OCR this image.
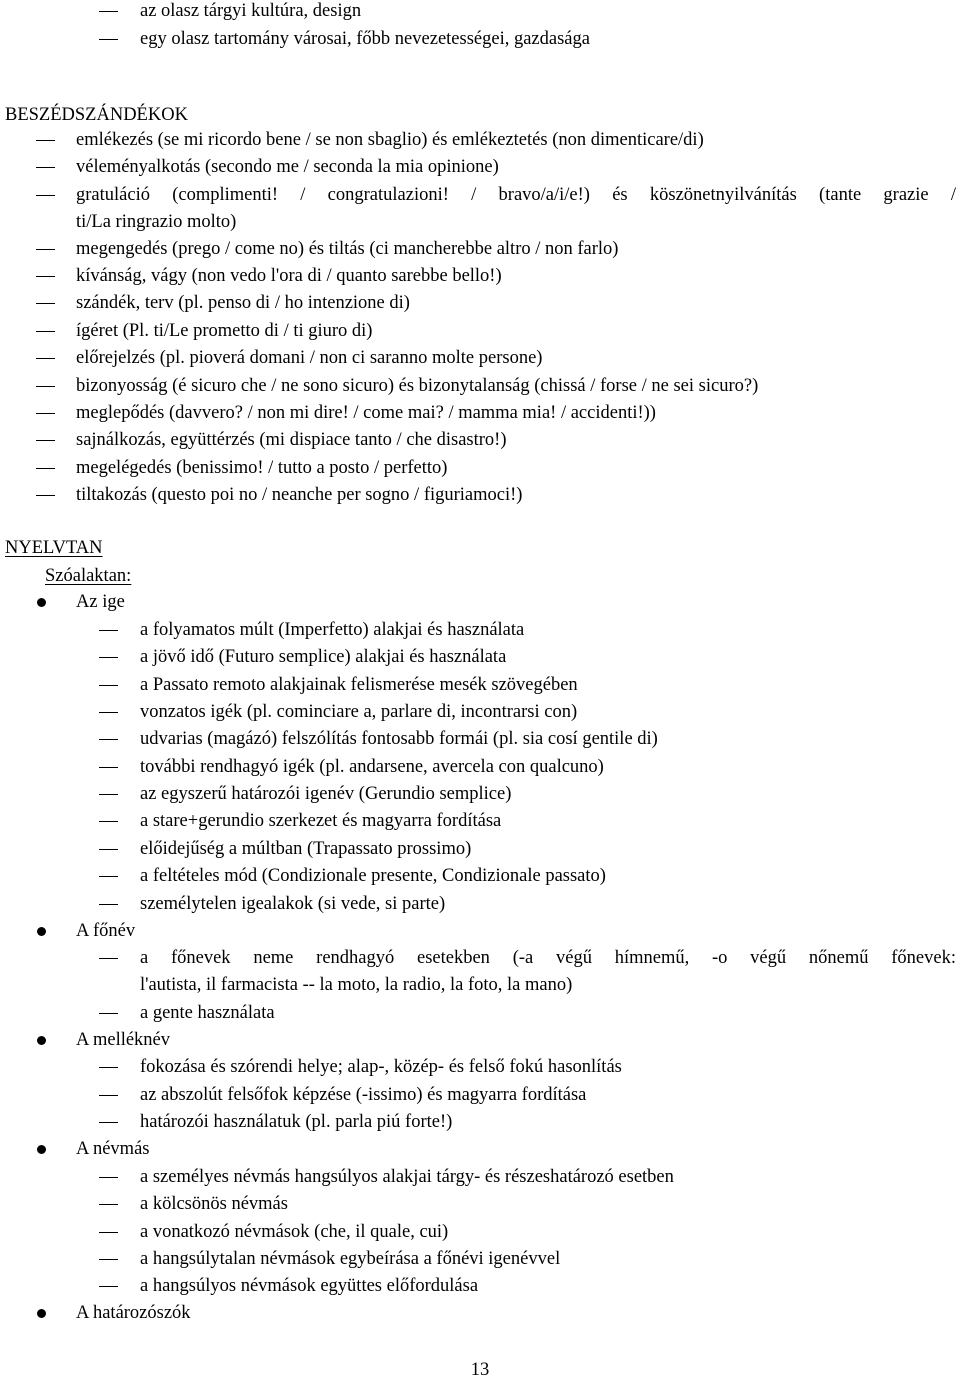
az olasz tárgyi kultúra, design
egy olasz tartomány városai, főbb nevezetességei, gazdasága
BESZÉDSZÁNDÉKOK
emlékezés (se mi ricordo bene / se non sbaglio) és emlékeztetés (non dimenticare/di)
véleményalkotás (secondo me / seconda la mia opinione)
gratuláció (complimenti! / congratulazioni! / bravo/a/i/e!) és köszönetnyilvánítás (tante grazie /
ti/La ringrazio molto)
megengedés (prego / come no) és tiltás (ci mancherebbe altro / non farlo)
kívánság, vágy (non vedo l'ora di / quanto sarebbe bello!)
szándék, terv (pl. penso di / ho intenzione di)
ígéret (Pl. ti/Le prometto di / ti giuro di)
előrejelzés (pl. pioverá domani / non ci saranno molte persone)
bizonyosság (é sicuro che / ne sono sicuro) és bizonytalanság (chissá / forse / ne sei sicuro?)
meglepődés (davvero? / non mi dire! / come mai? / mamma mia! / accidenti!))
sajnálkozás, együttérzés (mi dispiace tanto / che disastro!)
megelégedés (benissimo! / tutto a posto / perfetto)
tiltakozás (questo poi no / neanche per sogno / figuriamoci!)
NYELVTAN
Szóalaktan:
Az ige
a folyamatos múlt (Imperfetto) alakjai és használata
a jövő idő (Futuro semplice) alakjai és használata
a Passato remoto alakjainak felismerése mesék szövegében
vonzatos igék (pl. cominciare a, parlare di, incontrarsi con)
udvarias (magázó) felszólítás fontosabb formái (pl. sia cosí gentile di)
további rendhagyó igék (pl. andarsene, avercela con qualcuno)
az egyszerű határozói igenév (Gerundio semplice)
a stare+gerundio szerkezet és magyarra fordítása
előidejűség a múltban (Trapassato prossimo)
a feltételes mód (Condizionale presente, Condizionale passato)
személytelen igealakok (si vede, si parte)
A főnév
a főnevek neme rendhagyó esetekben (-a végű hímnemű, -o végű nőnemű főnevek:
l'autista, il farmacista -- la moto, la radio, la foto, la mano)
a gente használata
A melléknév
fokozása és szórendi helye; alap-, közép- és felső fokú hasonlítás
az abszolút felsőfok képzése (-issimo) és magyarra fordítása
határozói használatuk (pl. parla piú forte!)
A névmás
a személyes névmás hangsúlyos alakjai tárgy- és részeshatározó esetben
a kölcsönös névmás
a vonatkozó névmások (che, il quale, cui)
a hangsúlytalan névmások egybeírása a főnévi igenévvel
a hangsúlyos névmások együttes előfordulása
A határozószók
13
